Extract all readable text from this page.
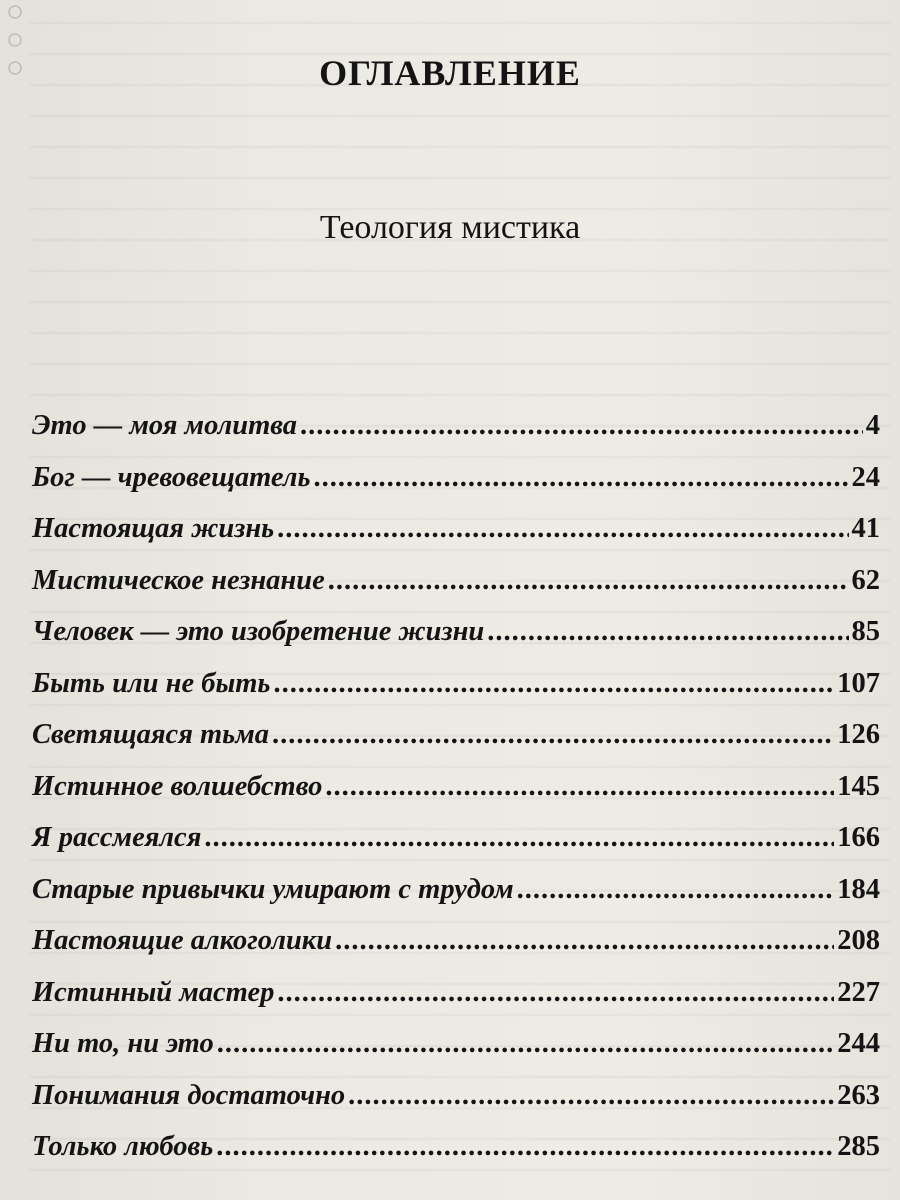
ОГЛАВЛЕНИЕ
Теология мистика
Это — моя молитва .....	4
Бог — чревовещатель .....	24
Настоящая жизнь .....	41
Мистическое незнание .....	62
Человек — это изобретение жизни .....	85
Быть или не быть .....	107
Светящаяся тьма .....	126
Истинное волшебство .....	145
Я рассмеялся .....	166
Старые привычки умирают с трудом .....	184
Настоящие алкоголики .....	208
Истинный мастер .....	227
Ни то, ни это .....	244
Понимания достаточно .....	263
Только любовь .....	285
